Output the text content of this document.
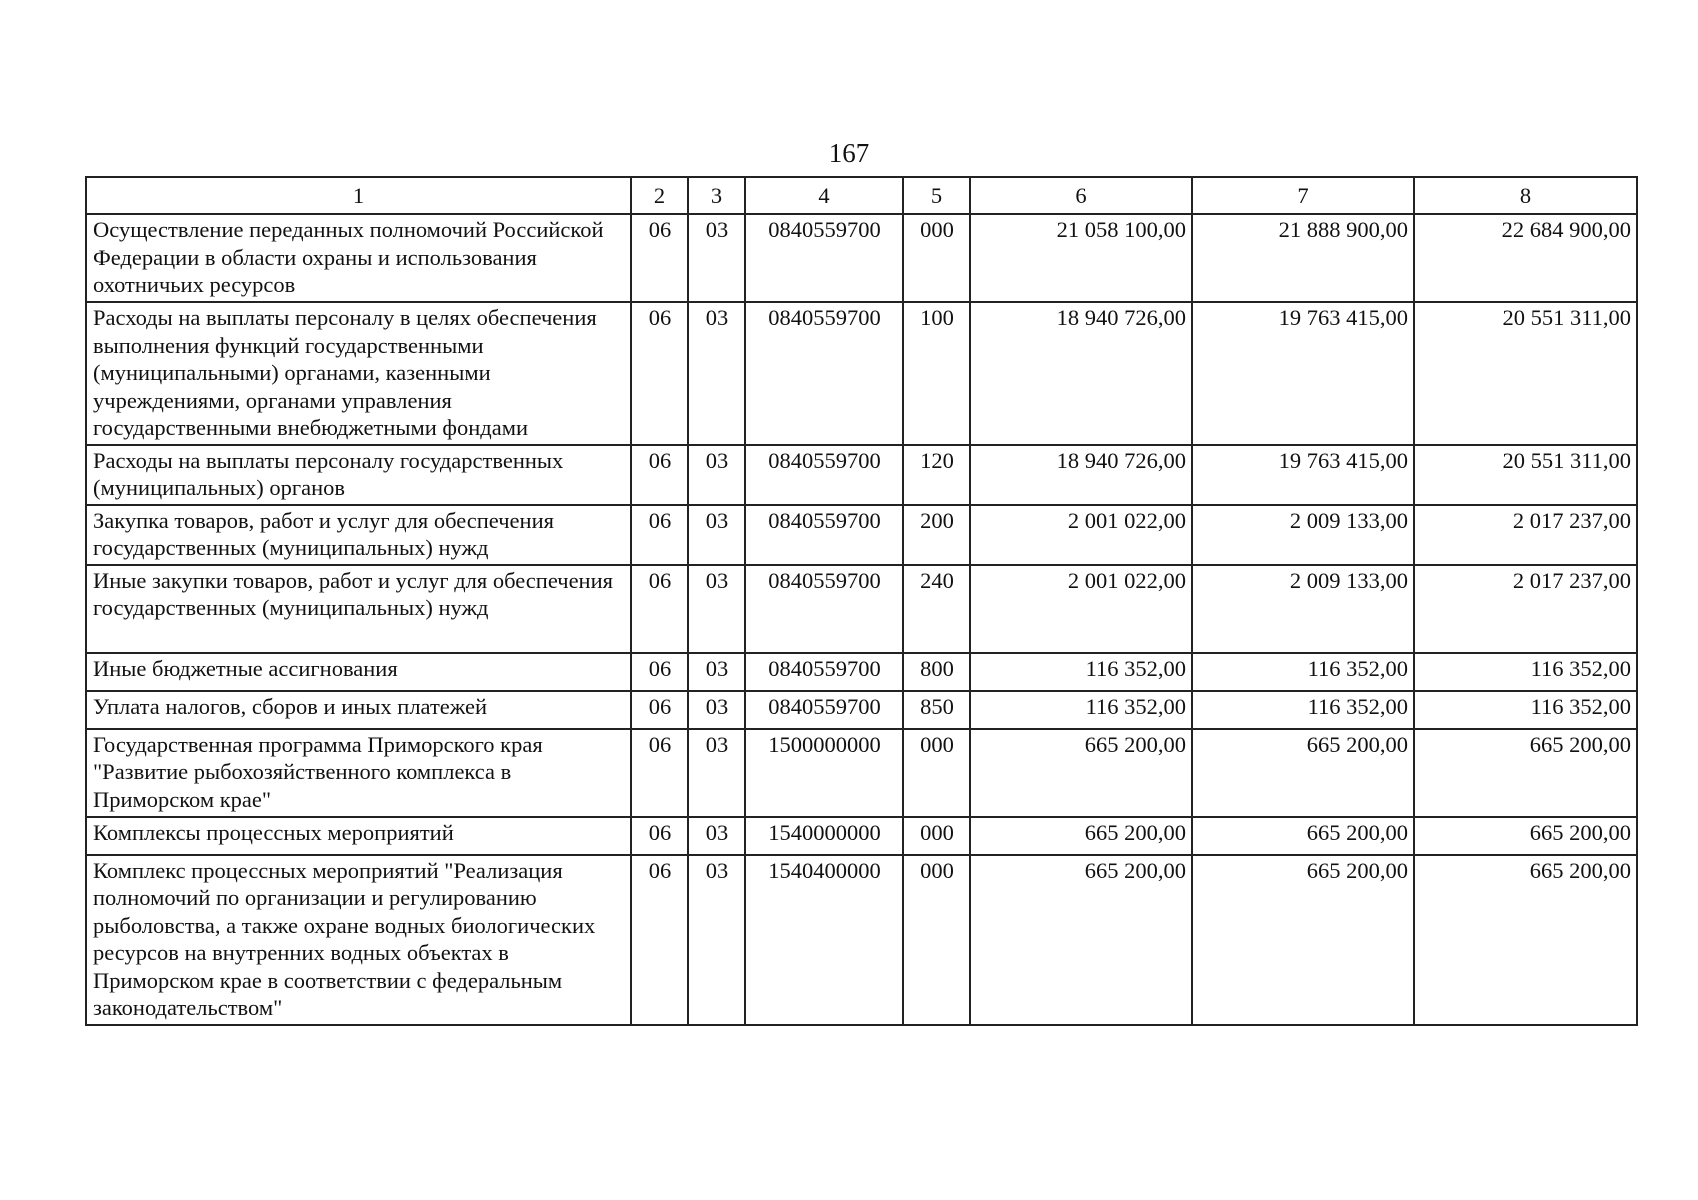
167
1	2	3	4	5	6	7	8
Осуществление переданных полномочий Российской Федерации в области охраны и использования охотничьих ресурсов	06	03	0840559700	000	21 058 100,00	21 888 900,00	22 684 900,00
Расходы на выплаты персоналу в целях обеспечения выполнения функций государственными (муниципальными) органами, казенными учреждениями, органами управления государственными внебюджетными фондами	06	03	0840559700	100	18 940 726,00	19 763 415,00	20 551 311,00
Расходы на выплаты персоналу государственных (муниципальных) органов	06	03	0840559700	120	18 940 726,00	19 763 415,00	20 551 311,00
Закупка товаров, работ и услуг для обеспечения государственных (муниципальных) нужд	06	03	0840559700	200	2 001 022,00	2 009 133,00	2 017 237,00
Иные закупки товаров, работ и услуг для обеспечения государственных (муниципальных) нужд	06	03	0840559700	240	2 001 022,00	2 009 133,00	2 017 237,00
Иные бюджетные ассигнования	06	03	0840559700	800	116 352,00	116 352,00	116 352,00
Уплата налогов, сборов и иных платежей	06	03	0840559700	850	116 352,00	116 352,00	116 352,00
Государственная программа Приморского края "Развитие рыбохозяйственного комплекса в Приморском крае"	06	03	1500000000	000	665 200,00	665 200,00	665 200,00
Комплексы процессных мероприятий	06	03	1540000000	000	665 200,00	665 200,00	665 200,00
Комплекс процессных мероприятий "Реализация полномочий по организации и регулированию рыболовства, а также охране водных биологических ресурсов на внутренних водных объектах в Приморском крае в соответствии с федеральным законодательством"	06	03	1540400000	000	665 200,00	665 200,00	665 200,00
